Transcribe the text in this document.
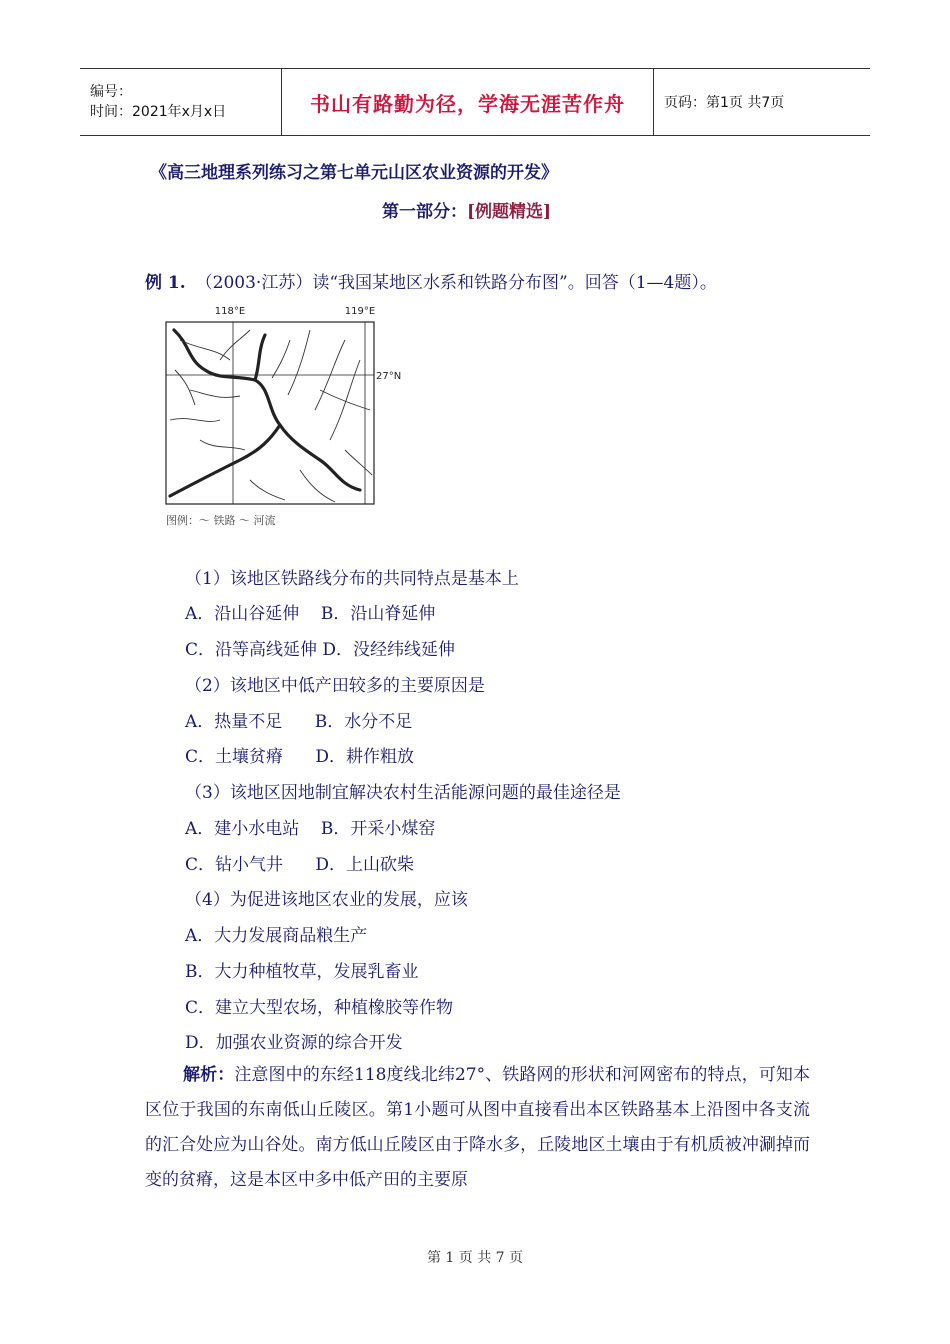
编号：
时间：2021年x月x日	书山有路勤为径，学海无涯苦作舟	页码：第1页 共7页
《高三地理系列练习之第七单元山区农业资源的开发》
第一部分：[例题精选]
例 1. （2003·江苏）读“我国某地区水系和铁路分布图”。回答（1—4题）。
118°E	119°E
27°N
图例：〜 铁路 〜 河流
（1）该地区铁路线分布的共同特点是基本上
A．沿山谷延伸    B．沿山脊延伸
C．沿等高线延伸 D．没经纬线延伸
（2）该地区中低产田较多的主要原因是
A．热量不足      B．水分不足
C．土壤贫瘠      D．耕作粗放
（3）该地区因地制宜解决农村生活能源问题的最佳途径是
A．建小水电站    B．开采小煤窑
C．钻小气井      D．上山砍柴
（4）为促进该地区农业的发展，应该
A．大力发展商品粮生产
B．大力种植牧草，发展乳畜业
C．建立大型农场，种植橡胶等作物
D．加强农业资源的综合开发
解析：注意图中的东经118度线北纬27°、铁路网的形状和河网密布的特点，可知本区位于我国的东南低山丘陵区。第1小题可从图中直接看出本区铁路基本上沿图中各支流的汇合处应为山谷处。南方低山丘陵区由于降水多，丘陵地区土壤由于有机质被冲涮掉而变的贫瘠，这是本区中多中低产田的主要原
第 1 页 共 7 页
